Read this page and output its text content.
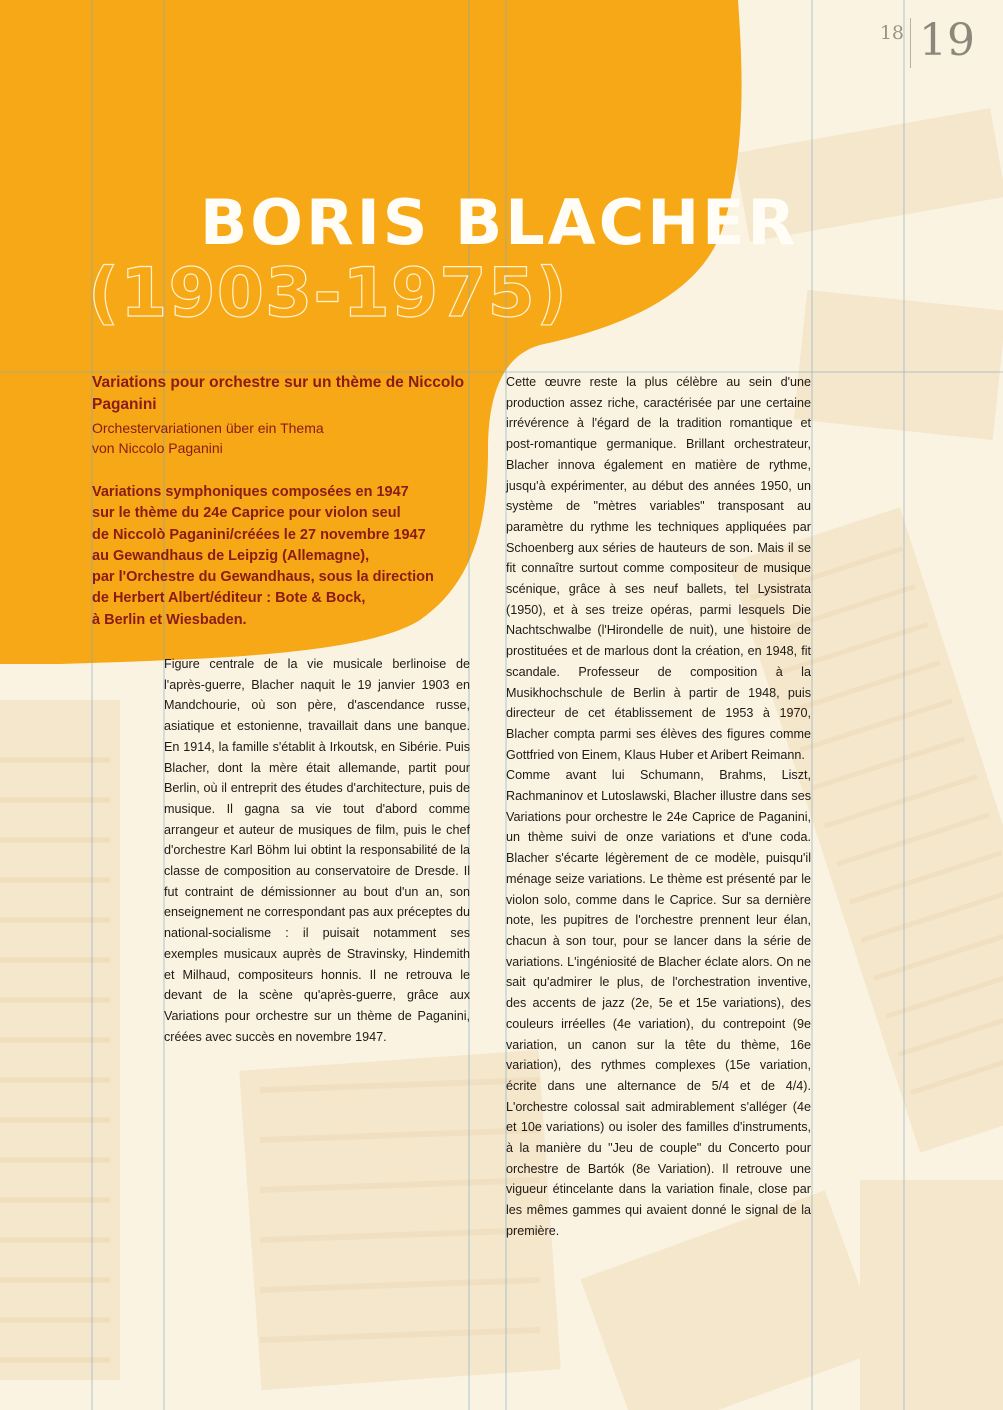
18 19
BORIS BLACHER
(1903-1975)
Variations pour orchestre sur un thème de Niccolo Paganini

Orchestervariationen über ein Thema
von Niccolo Paganini

Variations symphoniques composées en 1947
sur le thème du 24e Caprice pour violon seul
de Niccolò Paganini/créées le 27 novembre 1947
au Gewandhaus de Leipzig (Allemagne),
par l'Orchestre du Gewandhaus, sous la direction
de Herbert Albert/éditeur : Bote & Bock,
à Berlin et Wiesbaden.

Figure centrale de la vie musicale berlinoise de l'après-guerre, Blacher naquit le 19 janvier 1903 en Mandchourie, où son père, d'ascendance russe, asiatique et estonienne, travaillait dans une banque. En 1914, la famille s'établit à Irkoutsk, en Sibérie. Puis Blacher, dont la mère était allemande, partit pour Berlin, où il entreprit des études d'architecture, puis de musique. Il gagna sa vie tout d'abord comme arrangeur et auteur de musiques de film, puis le chef d'orchestre Karl Böhm lui obtint la responsabilité de la classe de composition au conservatoire de Dresde. Il fut contraint de démissionner au bout d'un an, son enseignement ne correspondant pas aux préceptes du national-socialisme : il puisait notamment ses exemples musicaux auprès de Stravinsky, Hindemith et Milhaud, compositeurs honnis. Il ne retrouva le devant de la scène qu'après-guerre, grâce aux Variations pour orchestre sur un thème de Paganini, créées avec succès en novembre 1947.

Cette œuvre reste la plus célèbre au sein d'une production assez riche, caractérisée par une certaine irrévérence à l'égard de la tradition romantique et post-romantique germanique. Brillant orchestrateur, Blacher innova également en matière de rythme, jusqu'à expérimenter, au début des années 1950, un système de "mètres variables" transposant au paramètre du rythme les techniques appliquées par Schoenberg aux séries de hauteurs de son. Mais il se fit connaître surtout comme compositeur de musique scénique, grâce à ses neuf ballets, tel Lysistrata (1950), et à ses treize opéras, parmi lesquels Die Nachtschwalbe (l'Hirondelle de nuit), une histoire de prostituées et de marlous dont la création, en 1948, fit scandale. Professeur de composition à la Musikhochschule de Berlin à partir de 1948, puis directeur de cet établissement de 1953 à 1970, Blacher compta parmi ses élèves des figures comme Gottfried von Einem, Klaus Huber et Aribert Reimann.

Comme avant lui Schumann, Brahms, Liszt, Rachmaninov et Lutoslawski, Blacher illustre dans ses Variations pour orchestre le 24e Caprice de Paganini, un thème suivi de onze variations et d'une coda. Blacher s'écarte légèrement de ce modèle, puisqu'il ménage seize variations. Le thème est présenté par le violon solo, comme dans le Caprice. Sur sa dernière note, les pupitres de l'orchestre prennent leur élan, chacun à son tour, pour se lancer dans la série de variations. L'ingéniosité de Blacher éclate alors. On ne sait qu'admirer le plus, de l'orchestration inventive, des accents de jazz (2e, 5e et 15e variations), des couleurs irréelles (4e variation), du contrepoint (9e variation, un canon sur la tête du thème, 16e variation), des rythmes complexes (15e variation, écrite dans une alternance de 5/4 et de 4/4). L'orchestre colossal sait admirablement s'alléger (4e et 10e variations) ou isoler des familles d'instruments, à la manière du "Jeu de couple" du Concerto pour orchestre de Bartók (8e Variation). Il retrouve une vigueur étincelante dans la variation finale, close par les mêmes gammes qui avaient donné le signal de la première.
